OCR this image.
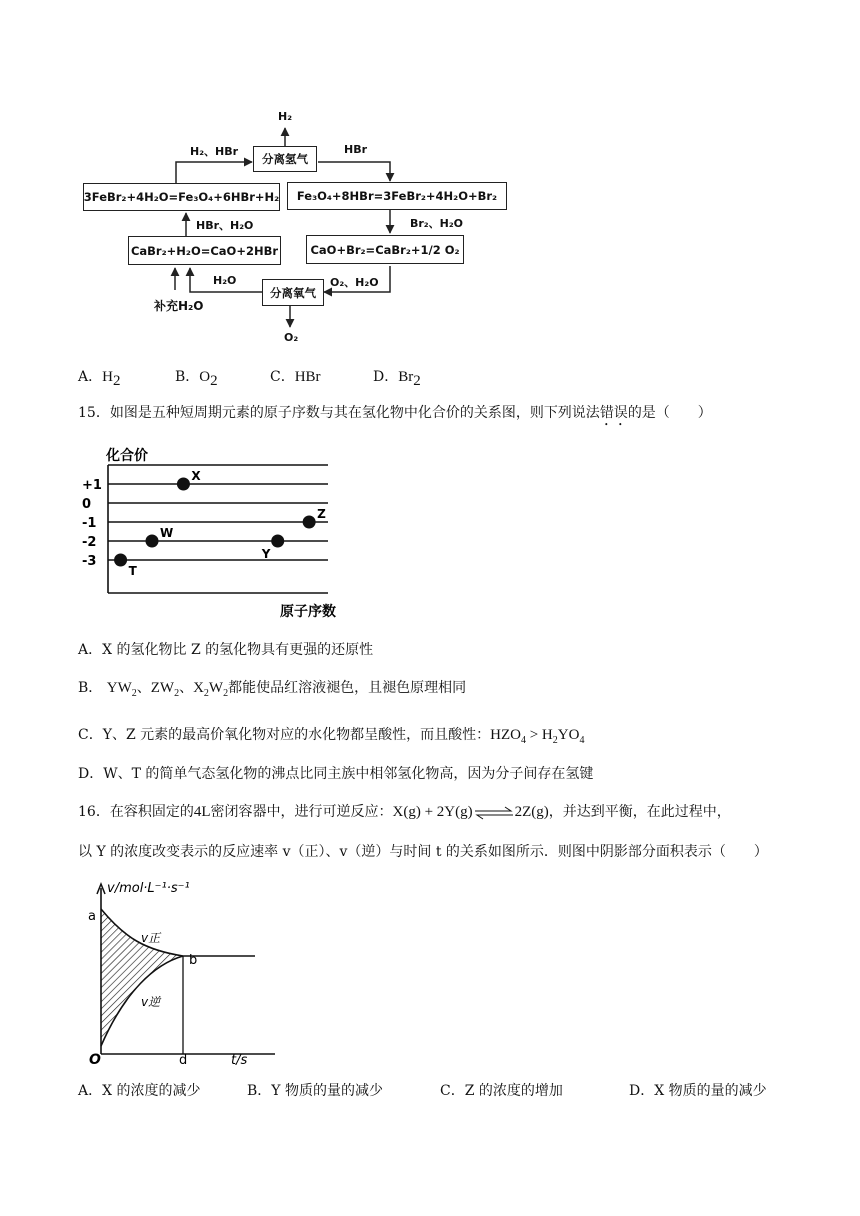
H₂
分离氢气
H₂、HBr	HBr
3FeBr₂+4H₂O=Fe₃O₄+6HBr+H₂	Fe₃O₄+8HBr=3FeBr₂+4H₂O+Br₂
HBr、H₂O	Br₂、H₂O
CaBr₂+H₂O=CaO+2HBr	CaO+Br₂=CaBr₂+1/2 O₂
H₂O	O₂、H₂O
分离氧气
补充H₂O
O₂
A．$H_2$	B．$O_2$	C．HBr	D．$Br_2$
15．如图是五种短周期元素的原子序数与其在氢化物中化合价的关系图，则下列说法错误的是（　　）
+1
0
-1
-2
-3
T
W
X
Y
Z
化合价
原子序数
A．X 的氢化物比 Z 的氢化物具有更强的还原性
B． $YW_2$、$ZW_2$、$X_2W_2$都能使品红溶液褪色，且褪色原理相同
C．Y、Z 元素的最高价氧化物对应的水化物都呈酸性，而且酸性：$HZO_4 > H_2YO_4$
D．W、T 的简单气态氢化物的沸点比同主族中相邻氢化物高，因为分子间存在氢键
16．在容积固定的4L密闭容器中，进行可逆反应：X(g) + 2Y(g)⇌2Z(g)，并达到平衡，在此过程中，
以 Y 的浓度改变表示的反应速率 v（正）、v（逆）与时间 t 的关系如图所示．则图中阴影部分面积表示（　　）
v/mol·L⁻¹·s⁻¹
t/s
a
b
d
O
v正
v逆
A．X 的浓度的减少	B．Y 物质的量的减少	C．Z 的浓度的增加	D．X 物质的量的减少
